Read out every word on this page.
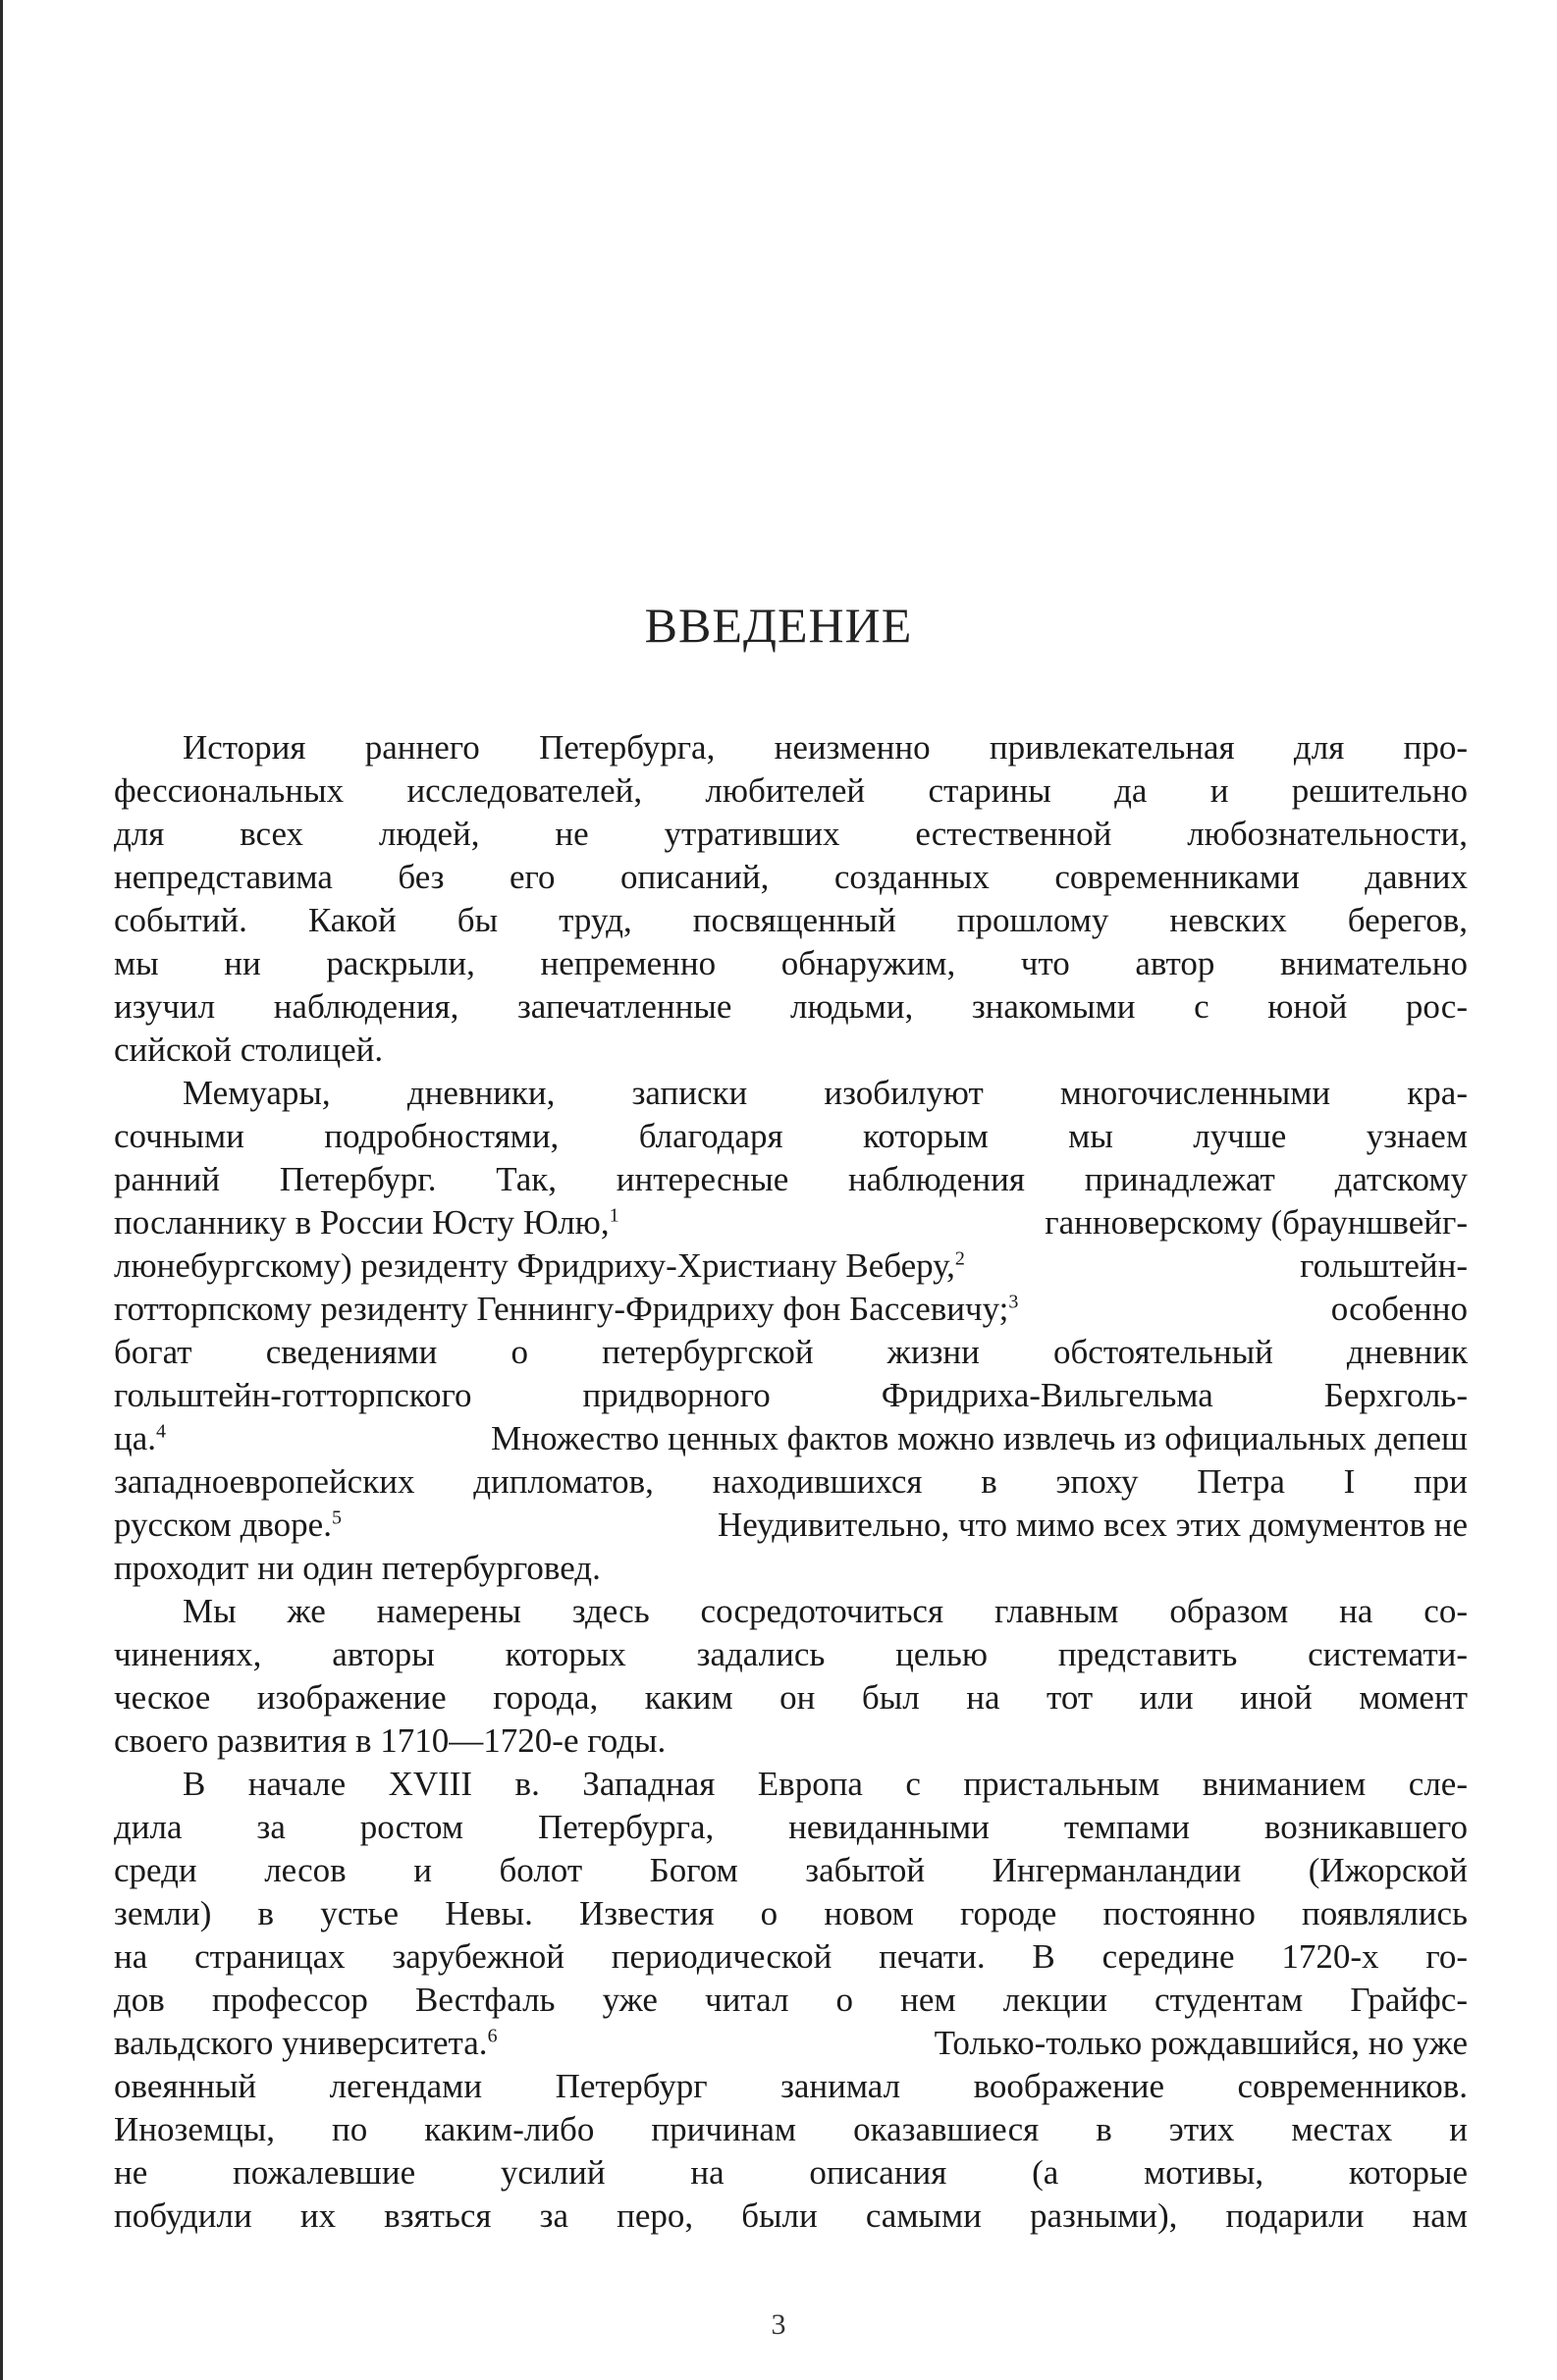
ВВЕДЕНИЕ
История раннего Петербурга, неизменно привлекательная для про-
фессиональных исследователей, любителей старины да и решительно
для всех людей, не утративших естественной любознательности,
непредставима без его описаний, созданных современниками давних
событий. Какой бы труд, посвященный прошлому невских берегов,
мы ни раскрыли, непременно обнаружим, что автор внимательно
изучил наблюдения, запечатленные людьми, знакомыми с юной рос-
сийской столицей.
Мемуары, дневники, записки изобилуют многочисленными кра-
сочными подробностями, благодаря которым мы лучше узнаем
ранний Петербург. Так, интересные наблюдения принадлежат датскому
посланнику в России Юсту Юлю,$^1$	ганноверскому (брауншвейг-
люнебургскому) резиденту Фридриху-Христиану Веберу,$^2$	гольштейн-
готторпскому резиденту Геннингу-Фридриху фон Бассевичу;$^3$	особенно
богат сведениями о петербургской жизни обстоятельный дневник
гольштейн-готторпского придворного Фридриха-Вильгельма Берхголь-
ца.$^4$	Множество ценных фактов можно извлечь из официальных депеш
западноевропейских дипломатов, находившихся в эпоху Петра I при
русском дворе.$^5$	Неудивительно, что мимо всех этих домументов не
проходит ни один петербурговед.
Мы же намерены здесь сосредоточиться главным образом на со-
чинениях, авторы которых задались целью представить системати-
ческое изображение города, каким он был на тот или иной момент
своего развития в 1710—1720-е годы.
В начале XVIII в. Западная Европа с пристальным вниманием сле-
дила за ростом Петербурга, невиданными темпами возникавшего
среди лесов и болот Богом забытой Ингерманландии (Ижорской
земли) в устье Невы. Известия о новом городе постоянно появлялись
на страницах зарубежной периодической печати. В середине 1720-х го-
дов профессор Вестфаль уже читал о нем лекции студентам Грайфс-
вальдского университета.$^6$	Только-только рождавшийся, но уже
овеянный легендами Петербург занимал воображение современников.
Иноземцы, по каким-либо причинам оказавшиеся в этих местах и
не пожалевшие усилий на описания (а мотивы, которые
побудили их взяться за перо, были самыми разными), подарили нам
3
